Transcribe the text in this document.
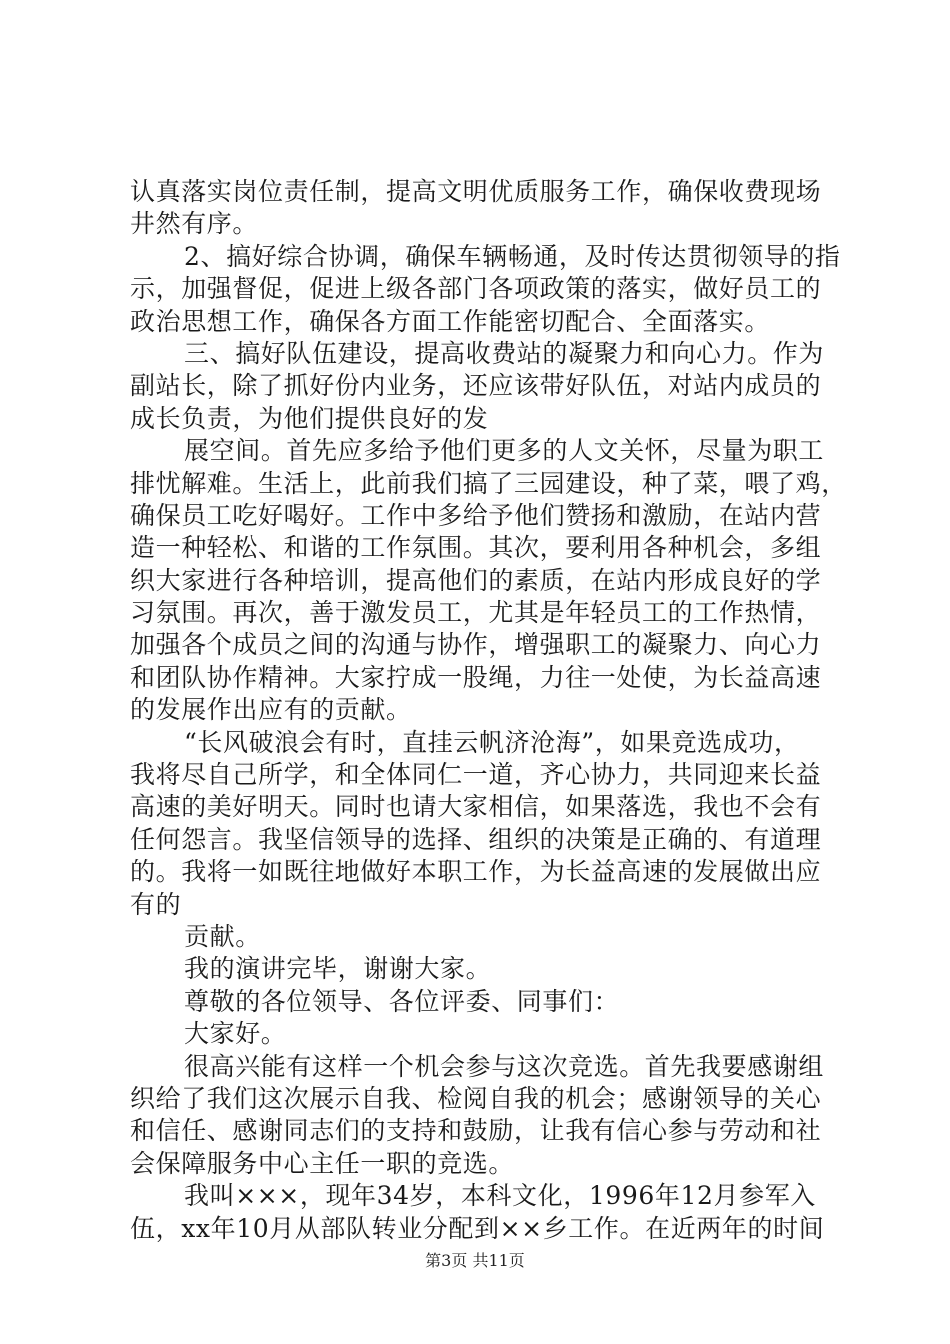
认真落实岗位责任制，提高文明优质服务工作，确保收费现场
井然有序。
2、搞好综合协调，确保车辆畅通，及时传达贯彻领导的指
示，加强督促，促进上级各部门各项政策的落实，做好员工的
政治思想工作，确保各方面工作能密切配合、全面落实。
三、搞好队伍建设，提高收费站的凝聚力和向心力。作为
副站长，除了抓好份内业务，还应该带好队伍，对站内成员的
成长负责，为他们提供良好的发
展空间。首先应多给予他们更多的人文关怀，尽量为职工
排忧解难。生活上，此前我们搞了三园建设，种了菜，喂了鸡，
确保员工吃好喝好。工作中多给予他们赞扬和激励，在站内营
造一种轻松、和谐的工作氛围。其次，要利用各种机会，多组
织大家进行各种培训，提高他们的素质，在站内形成良好的学
习氛围。再次，善于激发员工，尤其是年轻员工的工作热情，
加强各个成员之间的沟通与协作，增强职工的凝聚力、向心力
和团队协作精神。大家拧成一股绳，力往一处使，为长益高速
的发展作出应有的贡献。
“长风破浪会有时，直挂云帆济沧海”，如果竞选成功，
我将尽自己所学，和全体同仁一道，齐心协力，共同迎来长益
高速的美好明天。同时也请大家相信，如果落选，我也不会有
任何怨言。我坚信领导的选择、组织的决策是正确的、有道理
的。我将一如既往地做好本职工作，为长益高速的发展做出应
有的
贡献。
我的演讲完毕，谢谢大家。
尊敬的各位领导、各位评委、同事们：
大家好。
很高兴能有这样一个机会参与这次竞选。首先我要感谢组
织给了我们这次展示自我、检阅自我的机会；感谢领导的关心
和信任、感谢同志们的支持和鼓励，让我有信心参与劳动和社
会保障服务中心主任一职的竞选。
我叫×××，现年34岁，本科文化，1996年12月参军入
伍，xx年10月从部队转业分配到××乡工作。在近两年的时间
第3页 共11页
